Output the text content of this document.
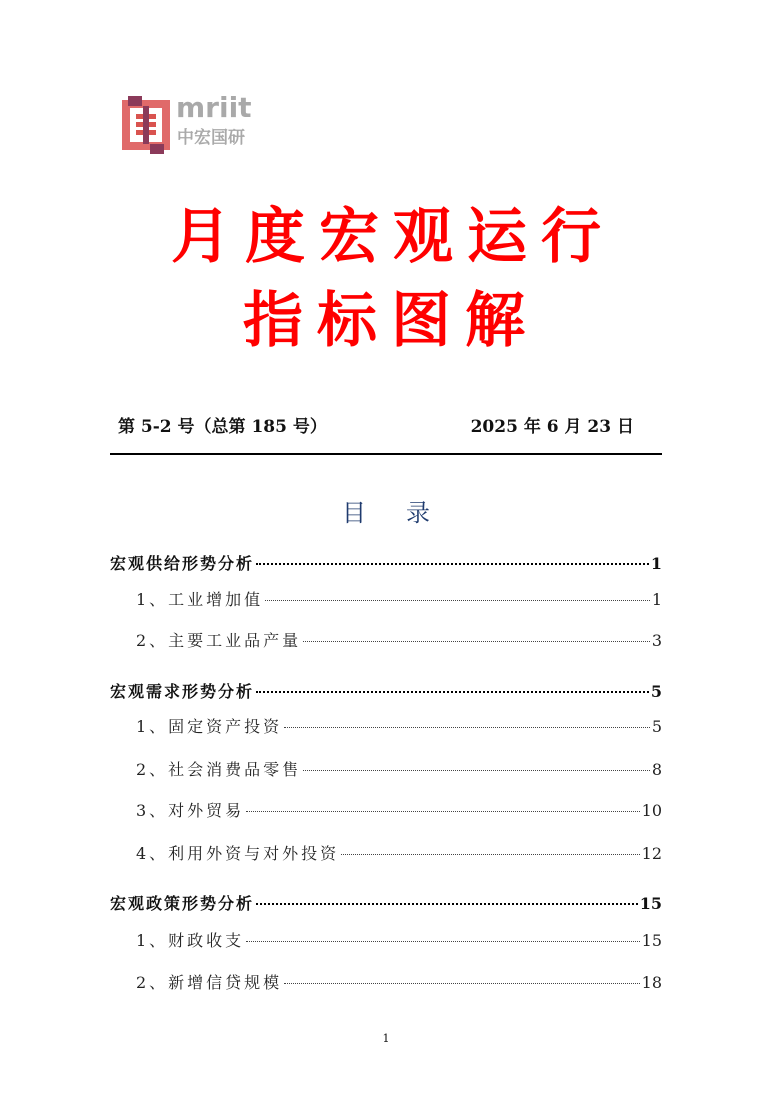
mriit
中宏国研
月度宏观运行
指标图解
第 5-2 号（总第 185 号）	2025 年 6 月 23 日
目录
宏观供给形势分析	1
1、工业增加值	1
2、主要工业品产量	3
宏观需求形势分析	5
1、固定资产投资	5
2、社会消费品零售	8
3、对外贸易	10
4、利用外资与对外投资	12
宏观政策形势分析	15
1、财政收支	15
2、新增信贷规模	18
1
